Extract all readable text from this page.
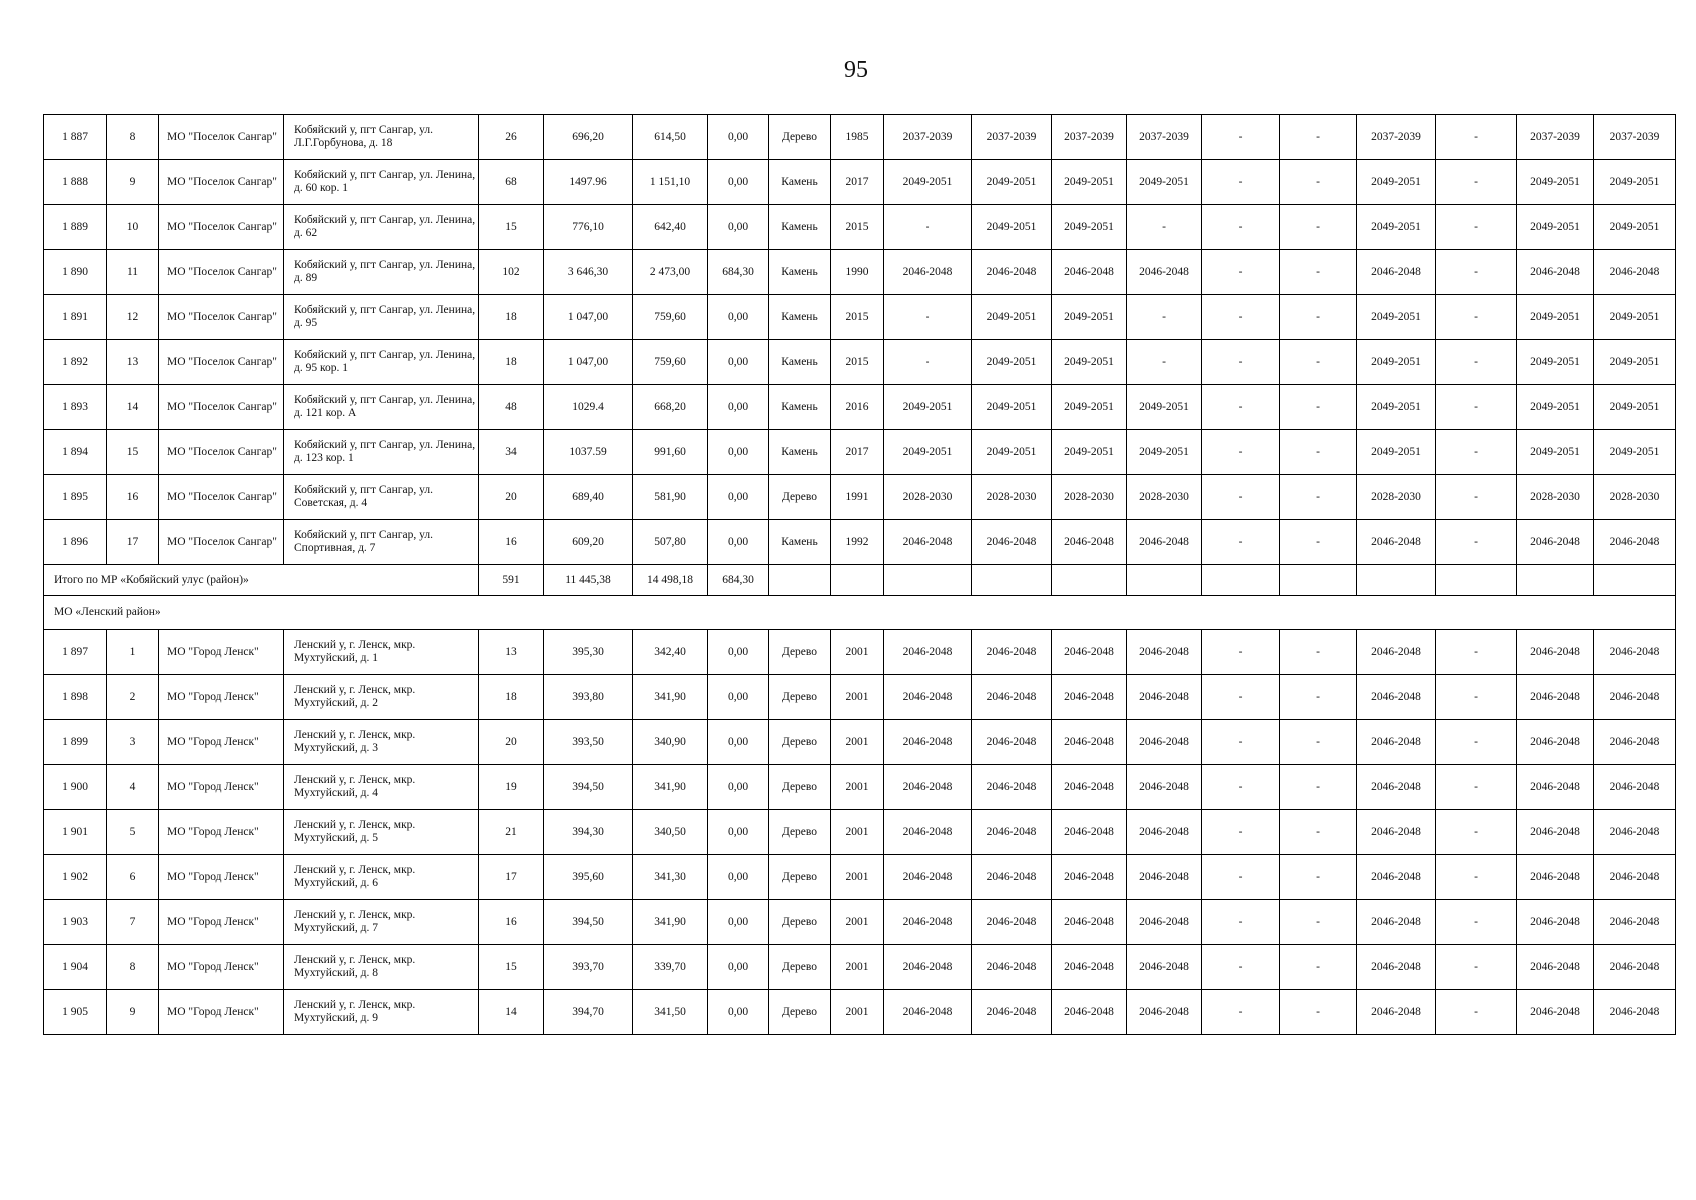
95
1 887	8	МО "Поселок Сангар"	Кобяйский у, пгт Сангар, ул. Л.Г.Горбунова, д. 18	26	696,20	614,50	0,00	Дерево	1985	2037-2039	2037-2039	2037-2039	2037-2039	-	-	2037-2039	-	2037-2039	2037-2039
1 888	9	МО "Поселок Сангар"	Кобяйский у, пгт Сангар, ул. Ленина, д. 60 кор. 1	68	1497.96	1 151,10	0,00	Камень	2017	2049-2051	2049-2051	2049-2051	2049-2051	-	-	2049-2051	-	2049-2051	2049-2051
1 889	10	МО "Поселок Сангар"	Кобяйский у, пгт Сангар, ул. Ленина, д. 62	15	776,10	642,40	0,00	Камень	2015	-	2049-2051	2049-2051	-	-	-	2049-2051	-	2049-2051	2049-2051
1 890	11	МО "Поселок Сангар"	Кобяйский у, пгт Сангар, ул. Ленина, д. 89	102	3 646,30	2 473,00	684,30	Камень	1990	2046-2048	2046-2048	2046-2048	2046-2048	-	-	2046-2048	-	2046-2048	2046-2048
1 891	12	МО "Поселок Сангар"	Кобяйский у, пгт Сангар, ул. Ленина, д. 95	18	1 047,00	759,60	0,00	Камень	2015	-	2049-2051	2049-2051	-	-	-	2049-2051	-	2049-2051	2049-2051
1 892	13	МО "Поселок Сангар"	Кобяйский у, пгт Сангар, ул. Ленина, д. 95 кор. 1	18	1 047,00	759,60	0,00	Камень	2015	-	2049-2051	2049-2051	-	-	-	2049-2051	-	2049-2051	2049-2051
1 893	14	МО "Поселок Сангар"	Кобяйский у, пгт Сангар, ул. Ленина, д. 121 кор. А	48	1029.4	668,20	0,00	Камень	2016	2049-2051	2049-2051	2049-2051	2049-2051	-	-	2049-2051	-	2049-2051	2049-2051
1 894	15	МО "Поселок Сангар"	Кобяйский у, пгт Сангар, ул. Ленина, д. 123 кор. 1	34	1037.59	991,60	0,00	Камень	2017	2049-2051	2049-2051	2049-2051	2049-2051	-	-	2049-2051	-	2049-2051	2049-2051
1 895	16	МО "Поселок Сангар"	Кобяйский у, пгт Сангар, ул. Советская, д. 4	20	689,40	581,90	0,00	Дерево	1991	2028-2030	2028-2030	2028-2030	2028-2030	-	-	2028-2030	-	2028-2030	2028-2030
1 896	17	МО "Поселок Сангар"	Кобяйский у, пгт Сангар, ул. Спортивная, д. 7	16	609,20	507,80	0,00	Камень	1992	2046-2048	2046-2048	2046-2048	2046-2048	-	-	2046-2048	-	2046-2048	2046-2048
Итого по МР «Кобяйский улус (район)»				591	11 445,38	14 498,18	684,30												
МО «Ленский район»																			
1 897	1	МО "Город Ленск"	Ленский у, г. Ленск, мкр. Мухтуйский, д. 1	13	395,30	342,40	0,00	Дерево	2001	2046-2048	2046-2048	2046-2048	2046-2048	-	-	2046-2048	-	2046-2048	2046-2048
1 898	2	МО "Город Ленск"	Ленский у, г. Ленск, мкр. Мухтуйский, д. 2	18	393,80	341,90	0,00	Дерево	2001	2046-2048	2046-2048	2046-2048	2046-2048	-	-	2046-2048	-	2046-2048	2046-2048
1 899	3	МО "Город Ленск"	Ленский у, г. Ленск, мкр. Мухтуйский, д. 3	20	393,50	340,90	0,00	Дерево	2001	2046-2048	2046-2048	2046-2048	2046-2048	-	-	2046-2048	-	2046-2048	2046-2048
1 900	4	МО "Город Ленск"	Ленский у, г. Ленск, мкр. Мухтуйский, д. 4	19	394,50	341,90	0,00	Дерево	2001	2046-2048	2046-2048	2046-2048	2046-2048	-	-	2046-2048	-	2046-2048	2046-2048
1 901	5	МО "Город Ленск"	Ленский у, г. Ленск, мкр. Мухтуйский, д. 5	21	394,30	340,50	0,00	Дерево	2001	2046-2048	2046-2048	2046-2048	2046-2048	-	-	2046-2048	-	2046-2048	2046-2048
1 902	6	МО "Город Ленск"	Ленский у, г. Ленск, мкр. Мухтуйский, д. 6	17	395,60	341,30	0,00	Дерево	2001	2046-2048	2046-2048	2046-2048	2046-2048	-	-	2046-2048	-	2046-2048	2046-2048
1 903	7	МО "Город Ленск"	Ленский у, г. Ленск, мкр. Мухтуйский, д. 7	16	394,50	341,90	0,00	Дерево	2001	2046-2048	2046-2048	2046-2048	2046-2048	-	-	2046-2048	-	2046-2048	2046-2048
1 904	8	МО "Город Ленск"	Ленский у, г. Ленск, мкр. Мухтуйский, д. 8	15	393,70	339,70	0,00	Дерево	2001	2046-2048	2046-2048	2046-2048	2046-2048	-	-	2046-2048	-	2046-2048	2046-2048
1 905	9	МО "Город Ленск"	Ленский у, г. Ленск, мкр. Мухтуйский, д. 9	14	394,70	341,50	0,00	Дерево	2001	2046-2048	2046-2048	2046-2048	2046-2048	-	-	2046-2048	-	2046-2048	2046-2048
